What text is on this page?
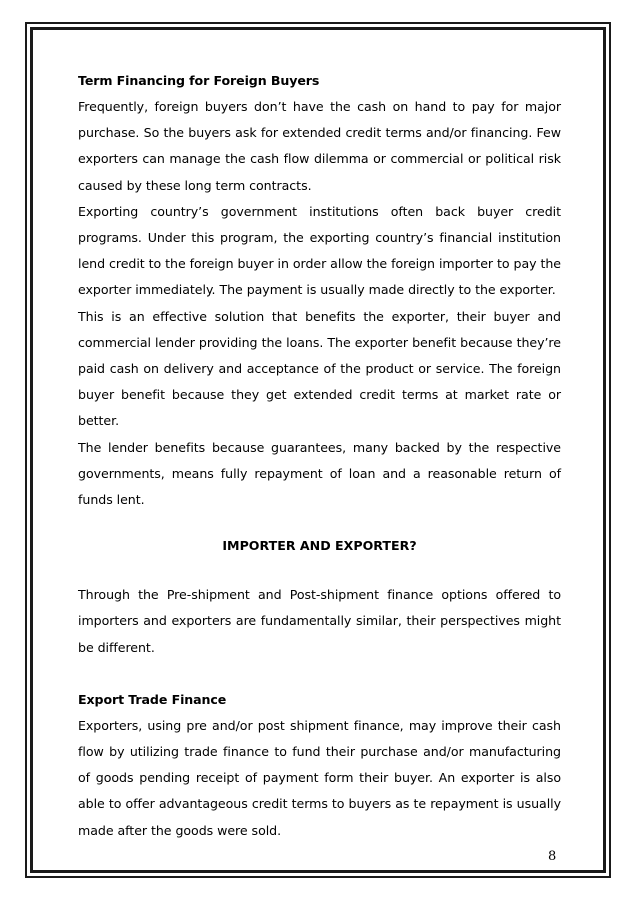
Term Financing for Foreign Buyers

Frequently, foreign buyers don’t have the cash on hand to pay for major purchase. So the buyers ask for extended credit terms and/or financing. Few exporters can manage the cash flow dilemma or commercial or political risk caused by these long term contracts.

Exporting country’s government institutions often back buyer credit programs. Under this program, the exporting country’s financial institution lend credit to the foreign buyer in order allow the foreign importer to pay the exporter immediately. The payment is usually made directly to the exporter.

This is an effective solution that benefits the exporter, their buyer and commercial lender providing the loans. The exporter benefit because they’re paid cash on delivery and acceptance of the product or service. The foreign buyer benefit because they get extended credit terms at market rate or better.

The lender benefits because guarantees, many backed by the respective governments, means fully repayment of loan and a reasonable return of funds lent.

IMPORTER AND EXPORTER?

Through the Pre-shipment and Post-shipment finance options offered to importers and exporters are fundamentally similar, their perspectives might be different.

Export Trade Finance

Exporters, using pre and/or post shipment finance, may improve their cash flow by utilizing trade finance to fund their purchase and/or manufacturing of goods pending receipt of payment form their buyer. An exporter is also able to offer advantageous credit terms to buyers as te repayment is usually made after the goods were sold.

8
